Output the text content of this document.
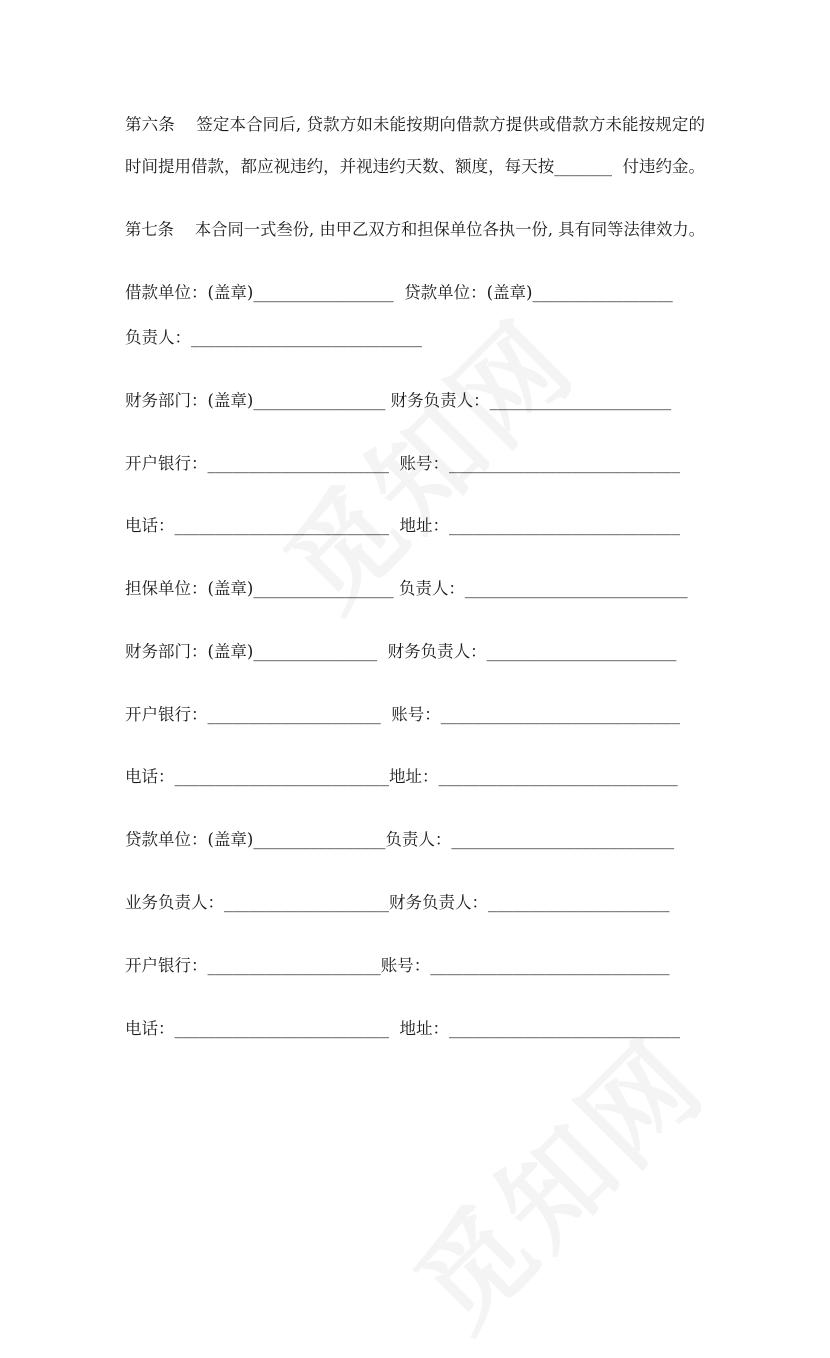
第六条    签定本合同后, 贷款方如未能按期向借款方提供或借款方未能按规定的

时间提用借款，都应视违约，并视违约天数、额度，每天按_______  付违约金。

第七条    本合同一式叁份, 由甲乙双方和担保单位各执一份, 具有同等法律效力。

借款单位：(盖章)_________________  贷款单位：(盖章)_________________

负责人：____________________________

财务部门：(盖章)________________ 财务负责人：______________________

开户银行：______________________  账号：____________________________

电话：__________________________  地址：____________________________

担保单位：(盖章)_________________ 负责人：___________________________

财务部门：(盖章)_______________  财务负责人：_______________________

开户银行：_____________________  账号：_____________________________

电话：__________________________地址：_____________________________

贷款单位：(盖章)________________负责人：___________________________

业务负责人：____________________财务负责人：______________________

开户银行：_____________________账号：_____________________________

电话：__________________________  地址：____________________________
